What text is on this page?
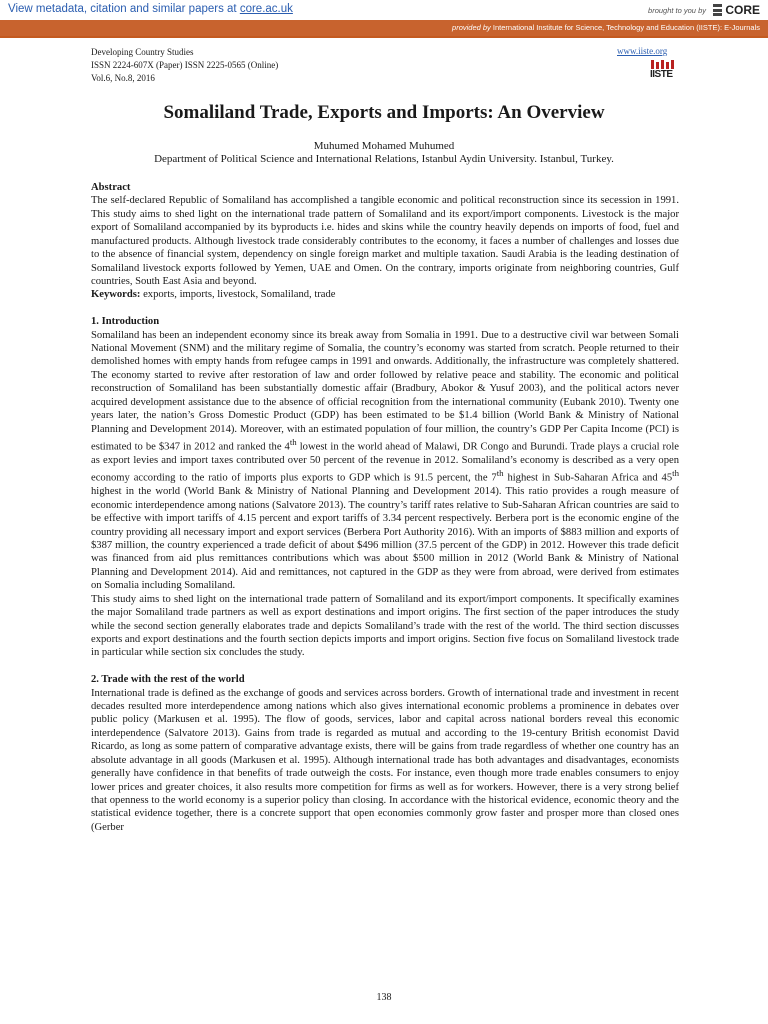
View metadata, citation and similar papers at core.ac.uk	brought to you by CORE
provided by International Institute for Science, Technology and Education (IISTE): E-Journals
Developing Country Studies
ISSN 2224-607X (Paper) ISSN 2225-0565 (Online)
Vol.6, No.8, 2016
www.iiste.org
IISTE
Somaliland Trade, Exports and Imports: An Overview
Muhumed Mohamed Muhumed
Department of Political Science and International Relations, Istanbul Aydin University. Istanbul, Turkey.
Abstract

The self-declared Republic of Somaliland has accomplished a tangible economic and political reconstruction since its secession in 1991. This study aims to shed light on the international trade pattern of Somaliland and its export/import components. Livestock is the major export of Somaliland accompanied by its byproducts i.e. hides and skins while the country heavily depends on imports of food, fuel and manufactured products. Although livestock trade considerably contributes to the economy, it faces a number of challenges and losses due to the absence of financial system, dependency on single foreign market and multiple taxation. Saudi Arabia is the leading destination of Somaliland livestock exports followed by Yemen, UAE and Omen. On the contrary, imports originate from neighboring countries, Gulf countries, South East Asia and beyond.

Keywords: exports, imports, livestock, Somaliland, trade

1. Introduction

Somaliland has been an independent economy since its break away from Somalia in 1991. Due to a destructive civil war between Somali National Movement (SNM) and the military regime of Somalia, the country’s economy was started from scratch. People returned to their demolished homes with empty hands from refugee camps in 1991 and onwards. Additionally, the infrastructure was completely shattered. The economy started to revive after restoration of law and order followed by relative peace and stability. The economic and political reconstruction of Somaliland has been substantially domestic affair (Bradbury, Abokor & Yusuf 2003), and the political actors never acquired development assistance due to the absence of official recognition from the international community (Eubank 2010). Twenty one years later, the nation’s Gross Domestic Product (GDP) has been estimated to be $1.4 billion (World Bank & Ministry of National Planning and Development 2014). Moreover, with an estimated population of four million, the country’s GDP Per Capita Income (PCI) is estimated to be $347 in 2012 and ranked the 4th lowest in the world ahead of Malawi, DR Congo and Burundi. Trade plays a crucial role as export levies and import taxes contributed over 50 percent of the revenue in 2012. Somaliland’s economy is described as a very open economy according to the ratio of imports plus exports to GDP which is 91.5 percent, the 7th highest in Sub-Saharan Africa and 45th highest in the world (World Bank & Ministry of National Planning and Development 2014). This ratio provides a rough measure of economic interdependence among nations (Salvatore 2013). The country’s tariff rates relative to Sub-Saharan African countries are said to be effective with import tariffs of 4.15 percent and export tariffs of 3.34 percent respectively. Berbera port is the economic engine of the country providing all necessary import and export services (Berbera Port Authority 2016). With an imports of $883 million and exports of $387 million, the country experienced a trade deficit of about $496 million (37.5 percent of the GDP) in 2012. However this trade deficit was financed from aid plus remittances contributions which was about $500 million in 2012 (World Bank & Ministry of National Planning and Development 2014). Aid and remittances, not captured in the GDP as they were from abroad, were derived from estimates on Somalia including Somaliland.

This study aims to shed light on the international trade pattern of Somaliland and its export/import components. It specifically examines the major Somaliland trade partners as well as export destinations and import origins. The first section of the paper introduces the study while the second section generally elaborates trade and depicts Somaliland’s trade with the rest of the world. The third section discusses exports and export destinations and the fourth section depicts imports and import origins. Section five focus on Somaliland livestock trade in particular while section six concludes the study.

2. Trade with the rest of the world

International trade is defined as the exchange of goods and services across borders. Growth of international trade and investment in recent decades resulted more interdependence among nations which also gives international economic problems a prominence in debates over public policy (Markusen et al. 1995). The flow of goods, services, labor and capital across national borders reveal this economic interdependence (Salvatore 2013). Gains from trade is regarded as mutual and according to the 19-century British economist David Ricardo, as long as some pattern of comparative advantage exists, there will be gains from trade regardless of whether one country has an absolute advantage in all goods (Markusen et al. 1995). Although international trade has both advantages and disadvantages, economists generally have confidence in that benefits of trade outweigh the costs. For instance, even though more trade enables consumers to enjoy lower prices and greater choices, it also results more competition for firms as well as for workers. However, there is a very strong belief that openness to the world economy is a superior policy than closing. In accordance with the historical evidence, economic theory and the statistical evidence together, there is a concrete support that open economies commonly grow faster and prosper more than closed ones (Gerber

138
